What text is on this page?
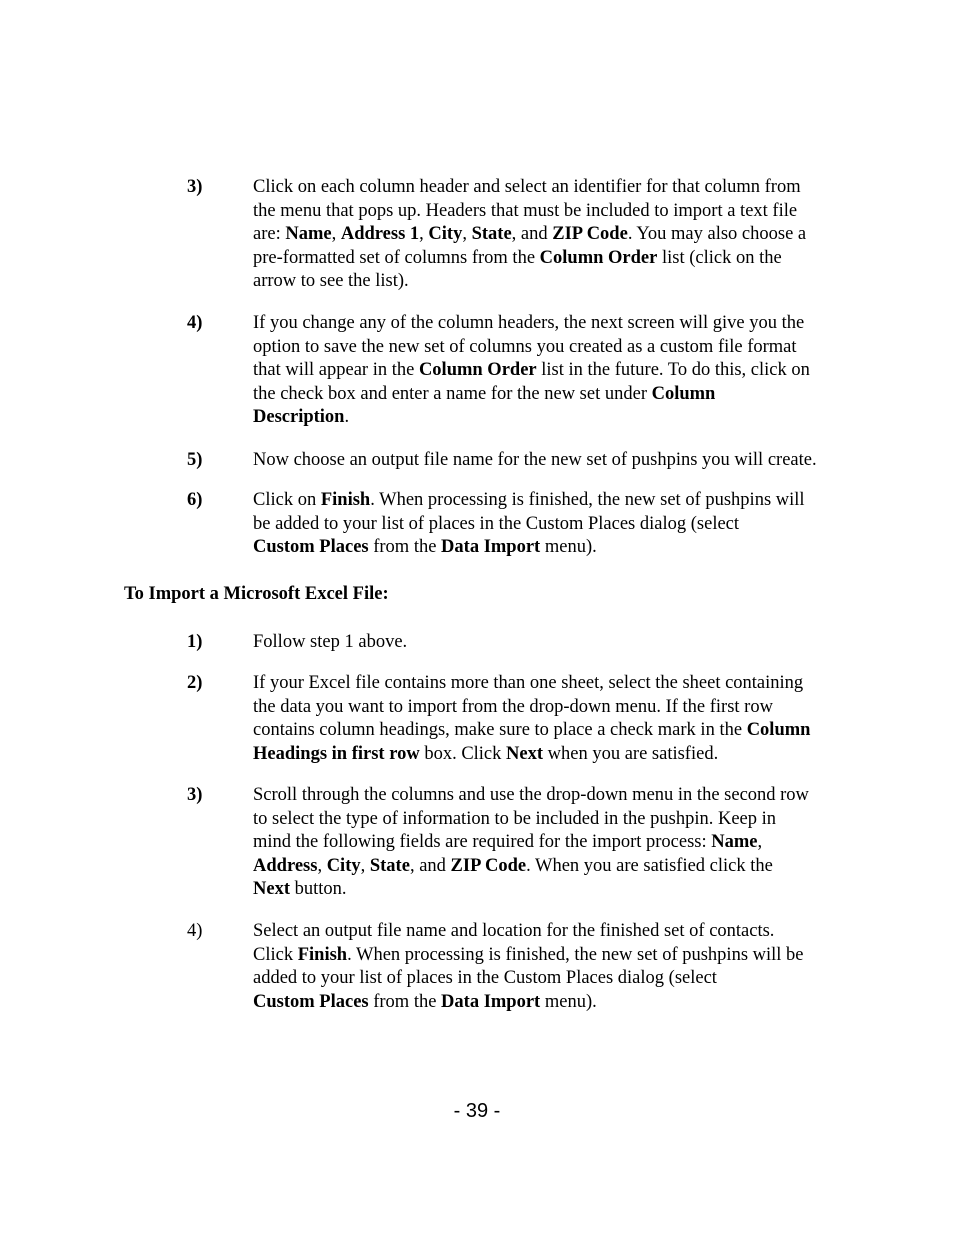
3)	Click on each column header and select an identifier for that column from
the menu that pops up. Headers that must be included to import a text file
are: Name, Address 1, City, State, and ZIP Code. You may also choose a
pre-formatted set of columns from the Column Order list (click on the
arrow to see the list).
4)	If you change any of the column headers, the next screen will give you the
option to save the new set of columns you created as a custom file format
that will appear in the Column Order list in the future. To do this, click on
the check box and enter a name for the new set under Column
Description.
5)	Now choose an output file name for the new set of pushpins you will create.
6)	Click on Finish. When processing is finished, the new set of pushpins will
be added to your list of places in the Custom Places dialog (select
Custom Places from the Data Import menu).
To Import a Microsoft Excel File:
1)	Follow step 1 above.
2)	If your Excel file contains more than one sheet, select the sheet containing
the data you want to import from the drop-down menu. If the first row
contains column headings, make sure to place a check mark in the Column
Headings in first row box. Click Next when you are satisfied.
3)	Scroll through the columns and use the drop-down menu in the second row
to select the type of information to be included in the pushpin. Keep in
mind the following fields are required for the import process: Name,
Address, City, State, and ZIP Code. When you are satisfied click the
Next button.
4)	Select an output file name and location for the finished set of contacts.
Click Finish. When processing is finished, the new set of pushpins will be
added to your list of places in the Custom Places dialog (select
Custom Places from the Data Import menu).
- 39 -
